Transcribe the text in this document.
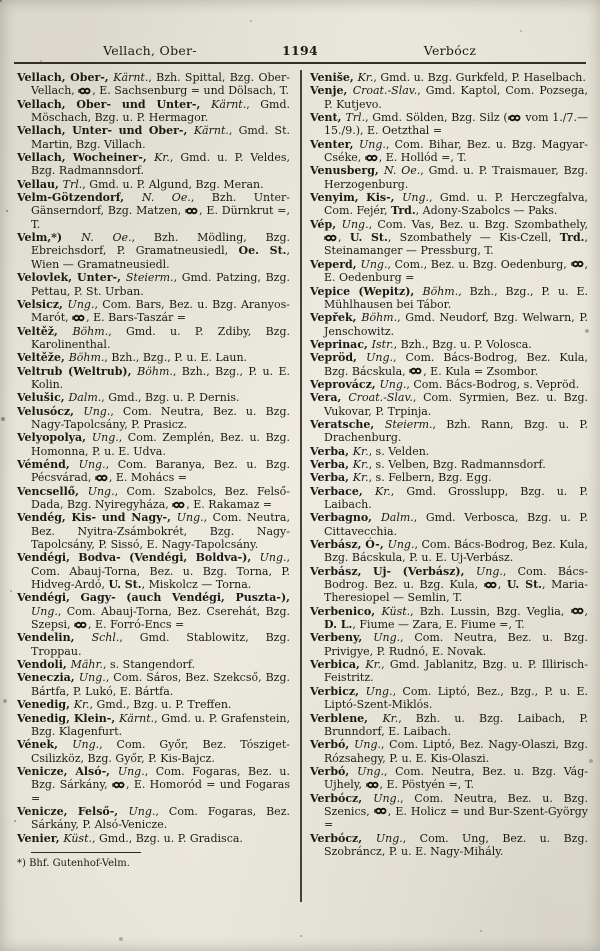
Vellach, Ober-	1194	Verbócz

Vellach, Ober-, Kärnt., Bzh. Spittal, Bzg. Ober-Vellach, , E. Sachsenburg = und Dölsach, T.

Vellach, Ober- und Unter-, Kärnt., Gmd. Möschach, Bzg. u. P. Hermagor.

Vellach, Unter- und Ober-, Kärnt., Gmd. St. Martin, Bzg. Villach.

Vellach, Wocheiner-, Kr., Gmd. u. P. Veldes, Bzg. Radmannsdorf.

Vellau, Trl., Gmd. u. P. Algund, Bzg. Meran.

Velm-Götzendorf, N. Oe., Bzh. Unter-Gänserndorf, Bzg. Matzen, , E. Dürnkrut =, T.

Velm,*) N. Oe., Bzh. Mödling, Bzg. Ebreichsdorf, P. Gramatneusiedl, Oe. St., Wien — Gramatneusiedl.

Velovlek, Unter-, Steierm., Gmd. Patzing, Bzg. Pettau, P. St. Urban.

Velsicz, Ung., Com. Bars, Bez. u. Bzg. Aranyos-Marót, , E. Bars-Taszár =

Veltěž, Böhm., Gmd. u. P. Zdiby, Bzg. Karolinenthal.

Veltěže, Böhm., Bzh., Bzg., P. u. E. Laun.

Veltrub (Weltrub), Böhm., Bzh., Bzg., P. u. E. Kolin.

Velušic, Dalm., Gmd., Bzg. u. P. Dernis.

Velusócz, Ung., Com. Neutra, Bez. u. Bzg. Nagy-Tapolcsány, P. Prasicz.

Velyopolya, Ung., Com. Zemplén, Bez. u. Bzg. Homonna, P. u. E. Udva.

Véménd, Ung., Com. Baranya, Bez. u. Bzg. Pécsvárad, , E. Mohács =

Vencsellő, Ung., Com. Szabolcs, Bez. Felső-Dada, Bzg. Nyiregyháza, , E. Rakamaz =

Vendég, Kis- und Nagy-, Ung., Com. Neutra, Bez. Nyitra-Zsámbokrét, Bzg. Nagy-Tapolcsány, P. Sissó, E. Nagy-Tapolcsány.

Vendégi, Bodva- (Vendégi, Boldva-), Ung., Com. Abauj-Torna, Bez. u. Bzg. Torna, P. Hidveg-Ardó, U. St., Miskolcz — Torna.

Vendégi, Gagy- (auch Vendégi, Puszta-), Ung., Com. Abauj-Torna, Bez. Cserehát, Bzg. Szepsi, , E. Forró-Encs =

Vendelin, Schl., Gmd. Stablowitz, Bzg. Troppau.

Vendoli, Mähr., s. Stangendorf.

Veneczia, Ung., Com. Sáros, Bez. Szekcső, Bzg. Bártfa, P. Lukó, E. Bártfa.

Venedig, Kr., Gmd., Bzg. u. P. Treffen.

Venedig, Klein-, Kärnt., Gmd. u. P. Grafenstein, Bzg. Klagenfurt.

Vének, Ung., Com. Győr, Bez. Tósziget-Csilizköz, Bzg. Győr, P. Kis-Bajcz.

Venicze, Alsó-, Ung., Com. Fogaras, Bez. u. Bzg. Sárkány, , E. Homoród = und Fogaras =

Venicze, Felső-, Ung., Com. Fogaras, Bez. Sárkány, P. Alsó-Venicze.

Venier, Küst., Gmd., Bzg. u. P. Gradisca.

*) Bhf. Gutenhof-Velm.

Veniše, Kr., Gmd. u. Bzg. Gurkfeld, P. Haselbach.

Venje, Croat.-Slav., Gmd. Kaptol, Com. Pozsega, P. Kutjevo.

Vent, Trl., Gmd. Sölden, Bzg. Silz ( vom 1./7.—15./9.), E. Oetzthal =

Venter, Ung., Com. Bihar, Bez. u. Bzg. Magyar-Cséke, , E. Hollód =, T.

Venusberg, N. Oe., Gmd. u. P. Traismauer, Bzg. Herzogenburg.

Venyim, Kis-, Ung., Gmd. u. P. Herczegfalva, Com. Fejér, Trd., Adony-Szabolcs — Paks.

Vép, Ung., Com. Vas, Bez. u. Bzg. Szombathely, , U. St., Szombathely — Kis-Czell, Trd., Steinamanger — Pressburg, T.

Veperd, Ung., Com., Bez. u. Bzg. Oedenburg, , E. Oedenburg =

Vepice (Wepitz), Böhm., Bzh., Bzg., P. u. E. Mühlhausen bei Tábor.

Vepřek, Böhm., Gmd. Neudorf, Bzg. Welwarn, P. Jenschowitz.

Veprinac, Istr., Bzh., Bzg. u. P. Volosca.

Vepröd, Ung., Com. Bács-Bodrog, Bez. Kula, Bzg. Bácskula, , E. Kula = Zsombor.

Veprovácz, Ung., Com. Bács-Bodrog, s. Vepröd.

Vera, Croat.-Slav., Com. Syrmien, Bez. u. Bzg. Vukovar, P. Trpinja.

Veratsche, Steierm., Bzh. Rann, Bzg. u. P. Drachenburg.

Verba, Kr., s. Velden.

Verba, Kr., s. Velben, Bzg. Radmannsdorf.

Verba, Kr., s. Felbern, Bzg. Egg.

Verbace, Kr., Gmd. Grosslupp, Bzg. u. P. Laibach.

Verbagno, Dalm., Gmd. Verbosca, Bzg. u. P. Cittavecchia.

Verbász, Ó-, Ung., Com. Bács-Bodrog, Bez. Kula, Bzg. Bácskula, P. u. E. Uj-Verbász.

Verbász, Uj- (Verbász), Ung., Com. Bács-Bodrog. Bez. u. Bzg. Kula, , U. St., Maria-Theresiopel — Semlin, T.

Verbenico, Küst., Bzh. Lussin, Bzg. Veglia, , D. L., Fiume — Zara, E. Fiume =, T.

Verbeny, Ung., Com. Neutra, Bez. u. Bzg. Privigye, P. Rudnó, E. Novak.

Verbica, Kr., Gmd. Jablanitz, Bzg. u. P. Illirisch-Feistritz.

Verbicz, Ung., Com. Liptó, Bez., Bzg., P. u. E. Liptó-Szent-Miklós.

Verblene, Kr., Bzh. u. Bzg. Laibach, P. Brunndorf, E. Laibach.

Verbó, Ung., Com. Liptó, Bez. Nagy-Olaszi, Bzg. Rózsahegy, P. u. E. Kis-Olaszi.

Verbó, Ung., Com. Neutra, Bez. u. Bzg. Vág-Ujhely, , E. Pöstyén =, T.

Verbócz, Ung., Com. Neutra, Bez. u. Bzg. Szenics, , E. Holicz = und Bur-Szent-György =

Verbócz, Ung., Com. Ung, Bez. u. Bzg. Szobráncz, P. u. E. Nagy-Mihály.
